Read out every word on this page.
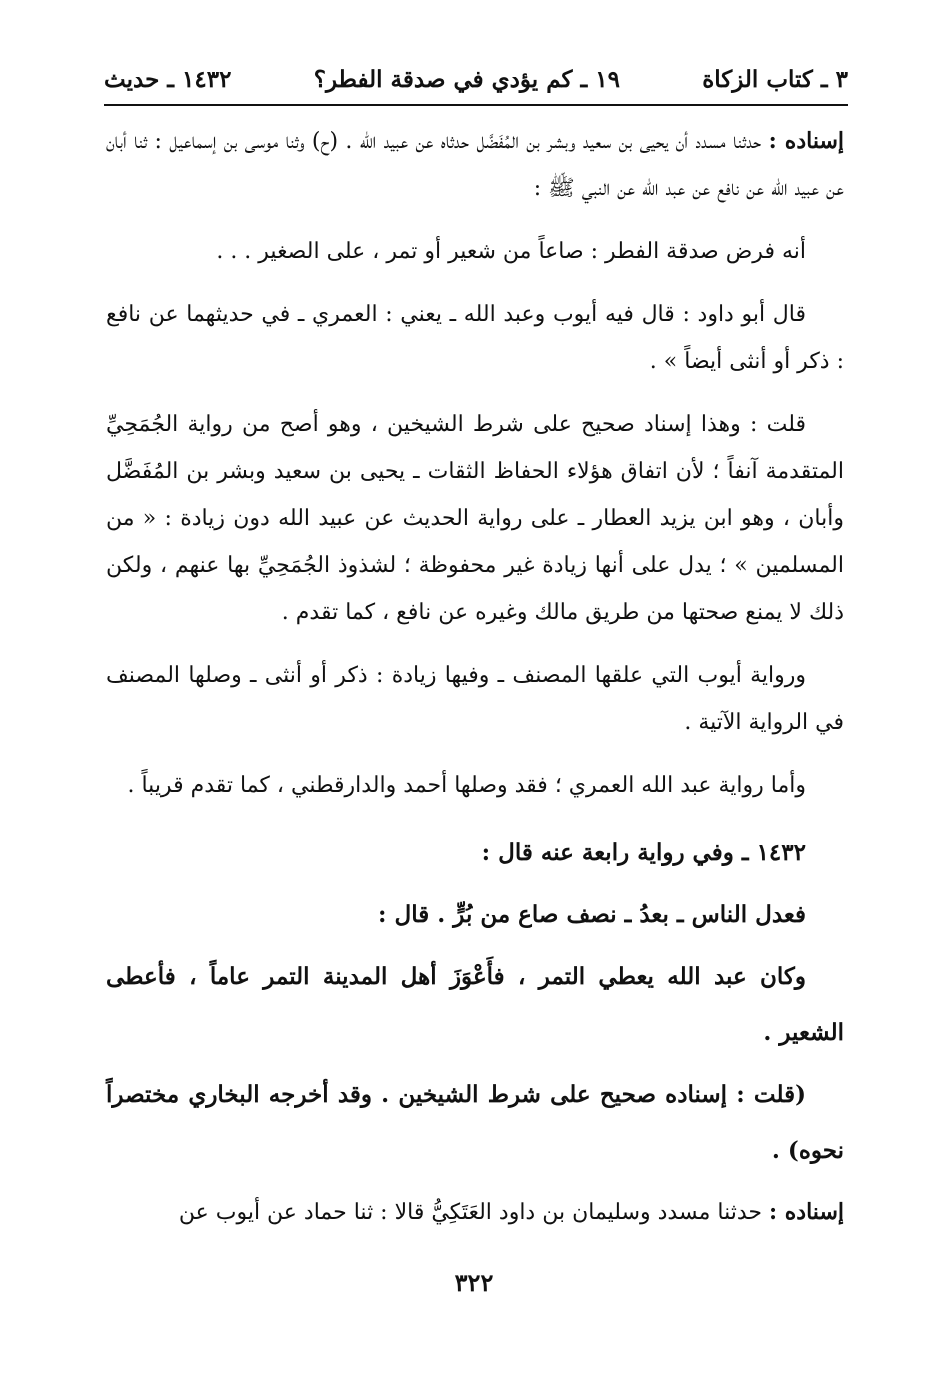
٣ ـ كتاب الزكاة
١٩ ـ كم يؤدي في صدقة الفطر؟
١٤٣٢ ـ حديث

إسناده : حدثنا مسدد أن يحيى بن سعيد وبشر بن المُفَضَّل حدثاه عن عبيد الله . (ح) وثنا موسى بن إسماعيل : ثنا أبان عن عبيد الله عن نافع عن عبد الله عن النبي ﷺ :

أنه فرض صدقة الفطر : صاعاً من شعير أو تمر ، على الصغير . . .

قال أبو داود : قال فيه أيوب وعبد الله ـ يعني : العمري ـ في حديثهما عن نافع : ذكر أو أنثى أيضاً » .

قلت : وهذا إسناد صحيح على شرط الشيخين ، وهو أصح من رواية الجُمَحِيِّ المتقدمة آنفاً ؛ لأن اتفاق هؤلاء الحفاظ الثقات ـ يحيى بن سعيد وبشر بن المُفَضَّل وأبان ، وهو ابن يزيد العطار ـ على رواية الحديث عن عبيد الله دون زيادة : « من المسلمين » ؛ يدل على أنها زيادة غير محفوظة ؛ لشذوذ الجُمَحِيِّ بها عنهم ، ولكن ذلك لا يمنع صحتها من طريق مالك وغيره عن نافع ، كما تقدم .

ورواية أيوب التي علقها المصنف ـ وفيها زيادة : ذكر أو أنثى ـ وصلها المصنف في الرواية الآتية .

وأما رواية عبد الله العمري ؛ فقد وصلها أحمد والدارقطني ، كما تقدم قريباً .

١٤٣٢ ـ وفي رواية رابعة عنه قال :

فعدل الناس ـ بعدُ ـ نصف صاع من بُرٍّ . قال :

وكان عبد الله يعطي التمر ، فأَعْوَزَ أهل المدينة التمر عاماً ، فأعطى الشعير .

(قلت : إسناده صحيح على شرط الشيخين . وقد أخرجه البخاري مختصراً نحوه) .

إسناده : حدثنا مسدد وسليمان بن داود العَتَكِيُّ قالا : ثنا حماد عن أيوب عن

٣٢٢
